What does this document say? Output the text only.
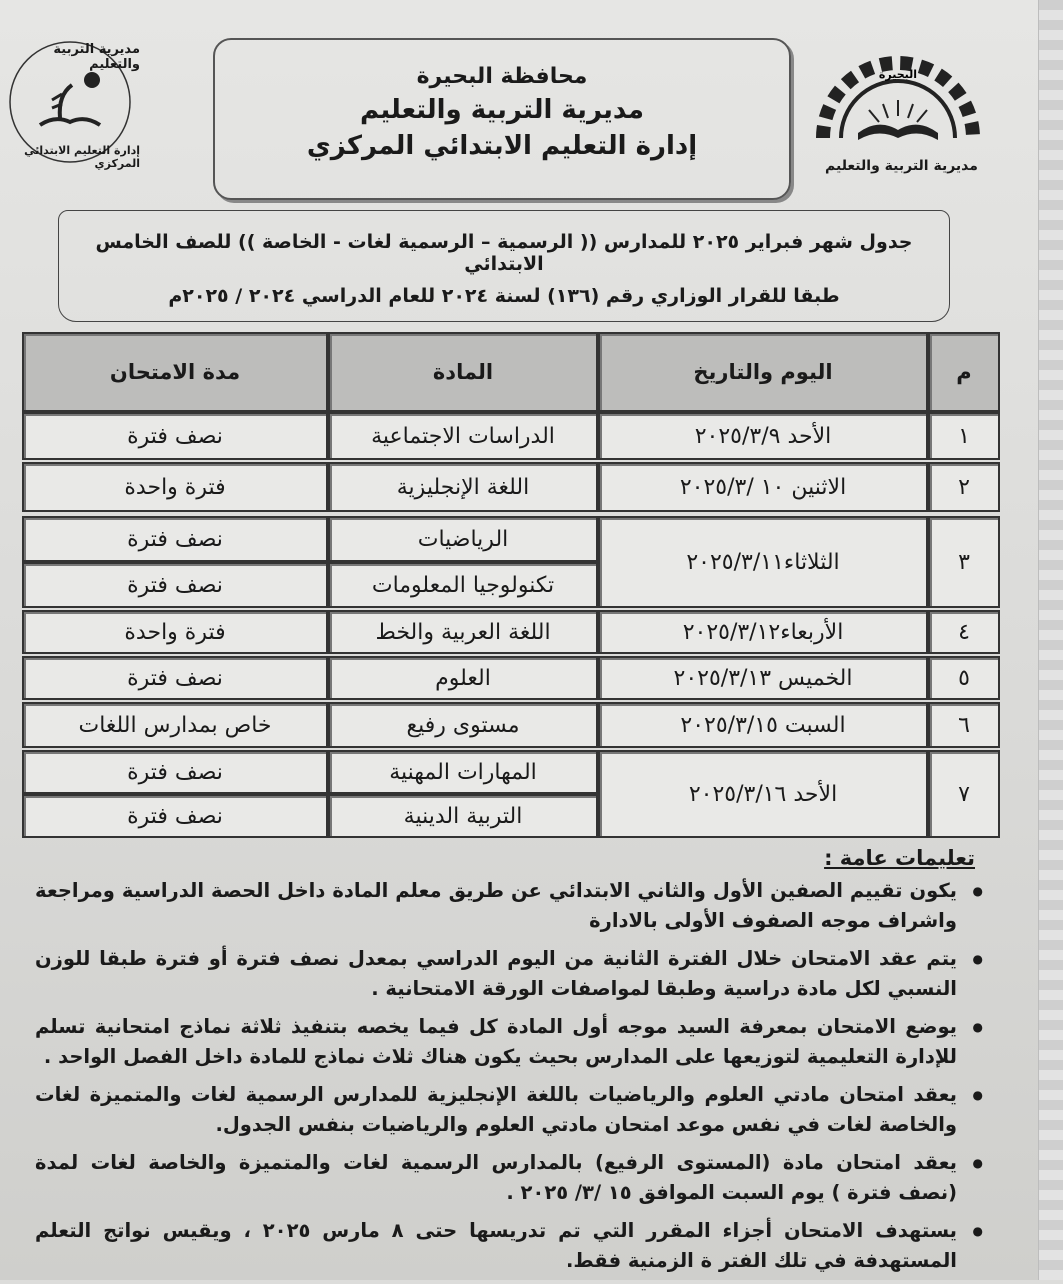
البحيرة
مديرية التربية والتعليم
مديرية التربية والتعليم
إدارة التعليم الابتدائي المركزي
محافظة البحيرة
مديرية التربية والتعليم
إدارة التعليم الابتدائي المركزي
جدول شهر فبراير ٢٠٢٥ للمدارس (( الرسمية – الرسمية لغات - الخاصة )) للصف الخامس الابتدائي
طبقا للقرار الوزاري رقم (١٣٦) لسنة ٢٠٢٤ للعام الدراسي ٢٠٢٤ / ٢٠٢٥م
م
اليوم والتاريخ
المادة
مدة الامتحان
١
الأحد ٢٠٢٥/٣/٩
الدراسات الاجتماعية
نصف فترة
٢
الاثنين ١٠ /٢٠٢٥/٣
اللغة الإنجليزية
فترة واحدة
٣
الثلاثاء٢٠٢٥/٣/١١
الرياضيات
تكنولوجيا المعلومات
نصف فترة
نصف فترة
٤
الأربعاء٢٠٢٥/٣/١٢
اللغة العربية والخط
فترة واحدة
٥
الخميس ٢٠٢٥/٣/١٣
العلوم
نصف فترة
٦
السبت ٢٠٢٥/٣/١٥
مستوى رفيع
خاص بمدارس اللغات
٧
الأحد ٢٠٢٥/٣/١٦
المهارات المهنية
التربية الدينية
نصف فترة
نصف فترة
تعليمات عامة :
● يكون تقييم الصفين الأول والثاني الابتدائي عن طريق معلم المادة داخل الحصة الدراسية ومراجعة واشراف موجه الصفوف الأولى بالادارة
● يتم عقد الامتحان خلال الفترة الثانية من اليوم الدراسي بمعدل نصف فترة أو فترة طبقا للوزن النسبي لكل مادة دراسية وطبقا لمواصفات الورقة الامتحانية .
● يوضع الامتحان بمعرفة السيد موجه أول المادة كل فيما يخصه بتنفيذ ثلاثة نماذج امتحانية تسلم للإدارة التعليمية لتوزيعها على المدارس بحيث يكون هناك ثلاث نماذج للمادة داخل الفصل الواحد .
● يعقد امتحان مادتي العلوم والرياضيات باللغة الإنجليزية للمدارس الرسمية لغات والمتميزة لغات والخاصة لغات في نفس موعد امتحان مادتي العلوم والرياضيات بنفس الجدول.
● يعقد امتحان مادة (المستوى الرفيع) بالمدارس الرسمية لغات والمتميزة والخاصة لغات لمدة (نصف فترة ) يوم السبت الموافق ١٥ /٣/ ٢٠٢٥ .
● يستهدف الامتحان أجزاء المقرر التي تم تدريسها حتى ٨ مارس ٢٠٢٥ ، ويقيس نواتج التعلم المستهدفة في تلك الفتر ة الزمنية فقط.
